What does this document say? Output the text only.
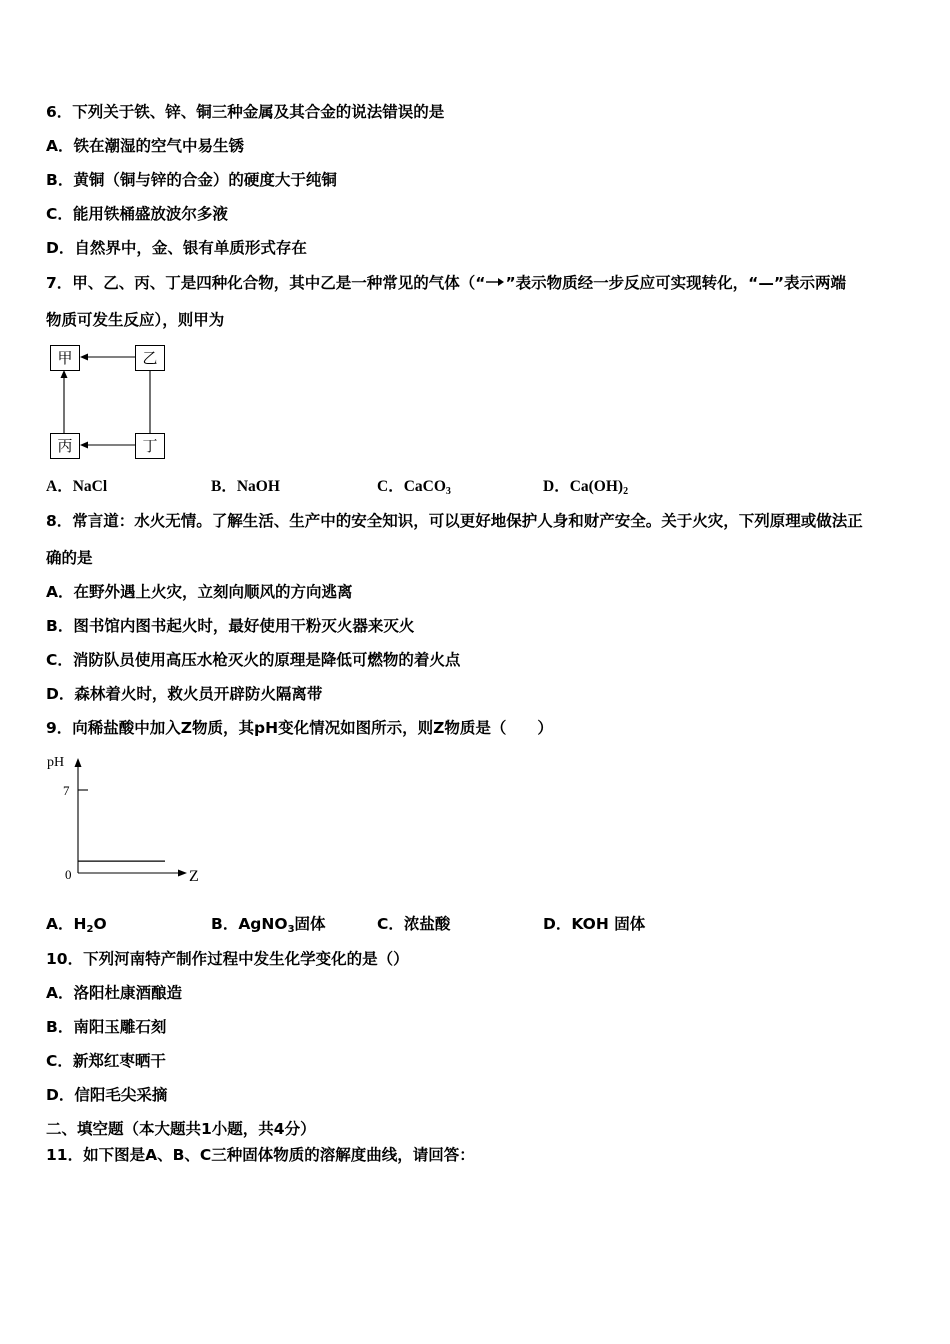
6．下列关于铁、锌、铜三种金属及其合金的说法错误的是
A．铁在潮湿的空气中易生锈
B．黄铜（铜与锌的合金）的硬度大于纯铜
C．能用铁桶盛放波尔多液
D．自然界中，金、银有单质形式存在
7．甲、乙、丙、丁是四种化合物，其中乙是一种常见的气体（“ ”表示物质经一步反应可实现转化，“—”表示两端
物质可发生反应），则甲为
甲	乙
丙	丁
A．NaCl	B．NaOH	C．CaCO$_3$	D．$Ca(OH)_2$
8．常言道：水火无情。了解生活、生产中的安全知识，可以更好地保护人身和财产安全。关于火灾，下列原理或做法正
确的是
A．在野外遇上火灾，立刻向顺风的方向逃离
B．图书馆内图书起火时，最好使用干粉灭火器来灭火
C．消防队员使用高压水枪灭火的原理是降低可燃物的着火点
D．森林着火时，救火员开辟防火隔离带
9．向稀盐酸中加入Z物质，其pH变化情况如图所示，则Z物质是（　　）
pH
7
0	Z
A．$H_2O$	B．AgNO$_3$固体	C．浓盐酸	D．KOH 固体
10．下列河南特产制作过程中发生化学变化的是（）
A．洛阳杜康酒酿造
B．南阳玉雕石刻
C．新郑红枣晒干
D．信阳毛尖采摘
二、填空题（本大题共1小题，共4分）
11．如下图是A、B、C三种固体物质的溶解度曲线，请回答：
